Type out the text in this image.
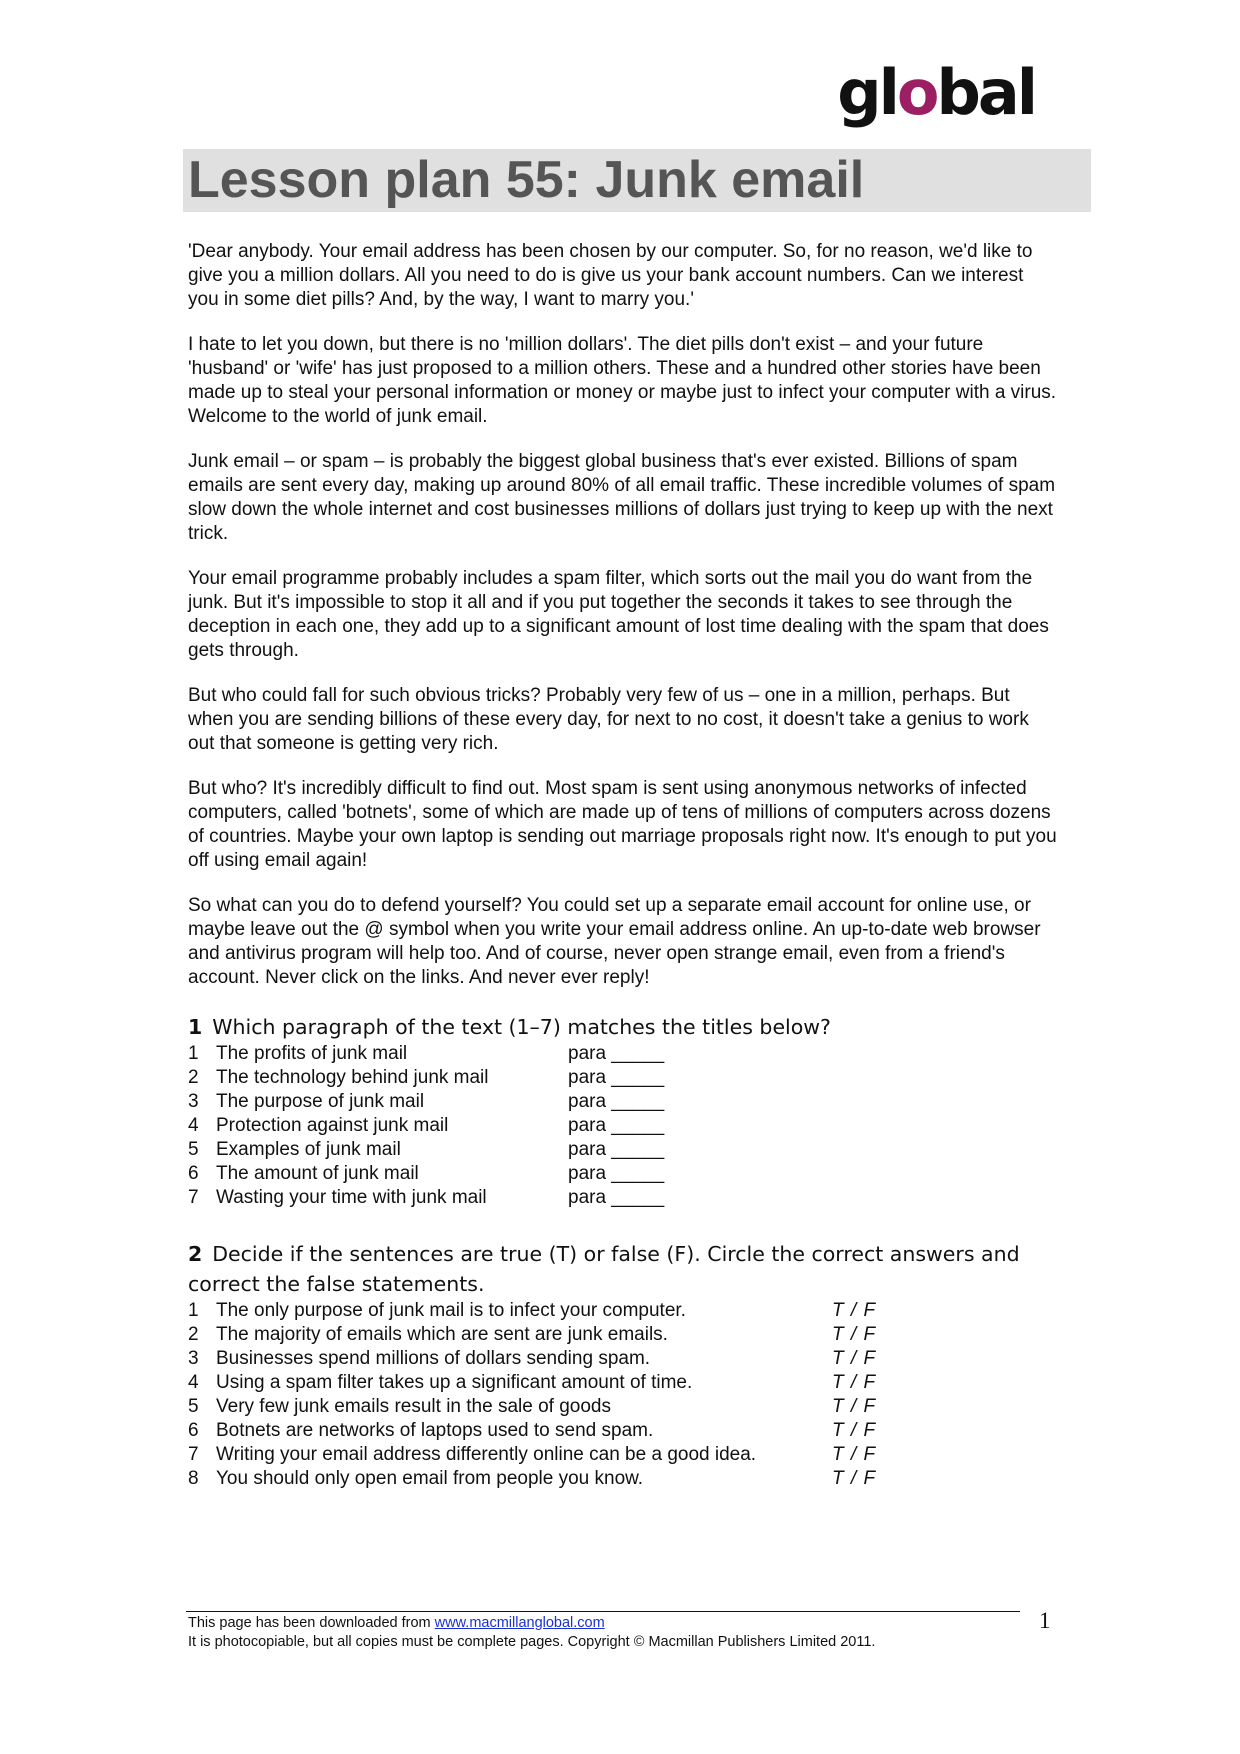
global
Lesson plan 55: Junk email

'Dear anybody. Your email address has been chosen by our computer. So, for no reason, we'd like to give you a million dollars. All you need to do is give us your bank account numbers. Can we interest you in some diet pills? And, by the way, I want to marry you.'

I hate to let you down, but there is no 'million dollars'. The diet pills don't exist – and your future 'husband' or 'wife' has just proposed to a million others. These and a hundred other stories have been made up to steal your personal information or money or maybe just to infect your computer with a virus. Welcome to the world of junk email.

Junk email – or spam – is probably the biggest global business that's ever existed. Billions of spam emails are sent every day, making up around 80% of all email traffic. These incredible volumes of spam slow down the whole internet and cost businesses millions of dollars just trying to keep up with the next trick.

Your email programme probably includes a spam filter, which sorts out the mail you do want from the junk. But it's impossible to stop it all and if you put together the seconds it takes to see through the deception in each one, they add up to a significant amount of lost time dealing with the spam that does gets through.

But who could fall for such obvious tricks? Probably very few of us – one in a million, perhaps. But when you are sending billions of these every day, for next to no cost, it doesn't take a genius to work out that someone is getting very rich.

But who? It's incredibly difficult to find out. Most spam is sent using anonymous networks of infected computers, called 'botnets', some of which are made up of tens of millions of computers across dozens of countries. Maybe your own laptop is sending out marriage proposals right now. It's enough to put you off using email again!

So what can you do to defend yourself? You could set up a separate email account for online use, or maybe leave out the @ symbol when you write your email address online. An up-to-date web browser and antivirus program will help too. And of course, never open strange email, even from a friend's account. Never click on the links. And never ever reply!

1 Which paragraph of the text (1–7) matches the titles below?
1 The profits of junk mail	para _____
2 The technology behind junk mail	para _____
3 The purpose of junk mail	para _____
4 Protection against junk mail	para _____
5 Examples of junk mail	para _____
6 The amount of junk mail	para _____
7 Wasting your time with junk mail	para _____
2 Decide if the sentences are true (T) or false (F). Circle the correct answers and correct the false statements.
1 The only purpose of junk mail is to infect your computer.	T / F
2 The majority of emails which are sent are junk emails.	T / F
3 Businesses spend millions of dollars sending spam.	T / F
4 Using a spam filter takes up a significant amount of time.	T / F
5 Very few junk emails result in the sale of goods	T / F
6 Botnets are networks of laptops used to send spam.	T / F
7 Writing your email address differently online can be a good idea.	T / F
8 You should only open email from people you know.	T / F
This page has been downloaded from www.macmillanglobal.com
It is photocopiable, but all copies must be complete pages. Copyright © Macmillan Publishers Limited 2011.
1
